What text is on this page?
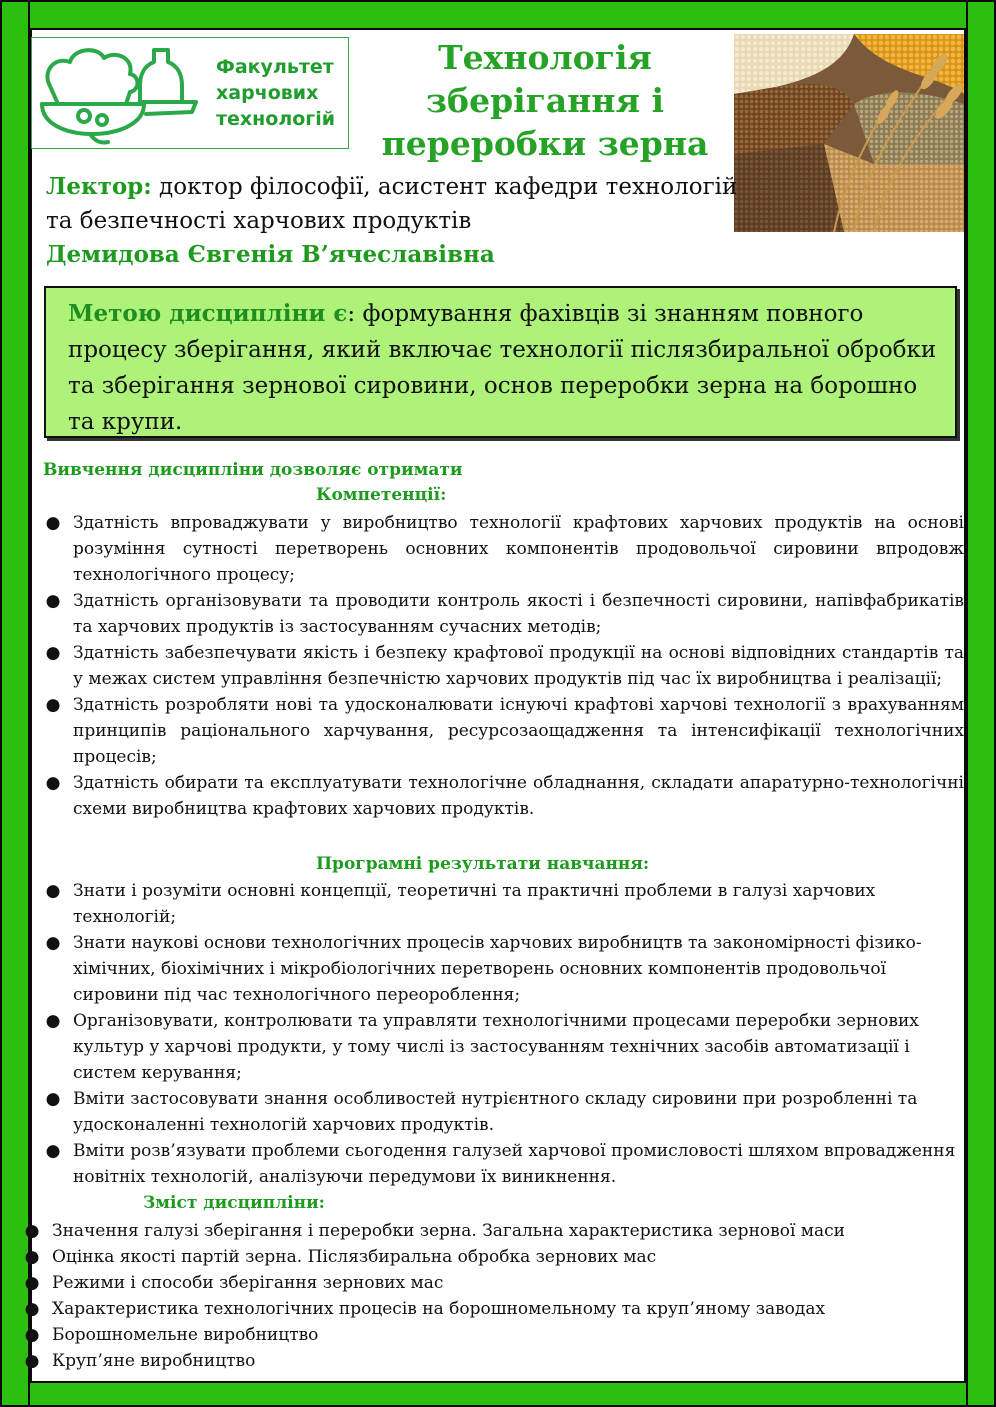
Факультет
харчових
технологій
Технологія
зберігання і
переробки зерна
Лектор: доктор філософії, асистент кафедри технологій та безпечності харчових продуктів
Демидова Євгенія В’ячеславівна
Метою дисципліни є: формування фахівців зі знанням повного процесу зберігання, який включає технології післязбиральної обробки та зберігання зернової сировини, основ переробки зерна на борошно та крупи.
Вивчення дисципліни дозволяє отримати
Компетенції:
● Здатність впроваджувати у виробництво технології крафтових харчових продуктів на основі розуміння сутності перетворень основних компонентів продовольчої сировини впродовж технологічного процесу;
● Здатність організовувати та проводити контроль якості і безпечності сировини, напівфабрикатів та харчових продуктів із застосуванням сучасних методів;
● Здатність забезпечувати якість і безпеку крафтової продукції на основі відповідних стандартів та у межах систем управління безпечністю харчових продуктів під час їх виробництва і реалізації;
● Здатність розробляти нові та удосконалювати існуючі крафтові харчові технології з врахуванням принципів раціонального харчування, ресурсозаощадження та інтенсифікації технологічних процесів;
● Здатність обирати та експлуатувати технологічне обладнання, складати апаратурно-технологічні схеми виробництва крафтових харчових продуктів.
Програмні результати навчання:
● Знати і розуміти основні концепції, теоретичні та практичні проблеми в галузі харчових технологій;
● Знати наукові основи технологічних процесів харчових виробництв та закономірності фізико-хімічних, біохімічних і мікробіологічних перетворень основних компонентів продовольчої сировини під час технологічного переороблення;
● Організовувати, контролювати та управляти технологічними процесами переробки зернових культур у харчові продукти, у тому числі із застосуванням технічних засобів автоматизації і систем керування;
● Вміти застосовувати знання особливостей нутрієнтного складу сировини при розробленні та удосконаленні технологій харчових продуктів.
● Вміти розв’язувати проблеми сьогодення галузей харчової промисловості шляхом впровадження новітніх технологій, аналізуючи передумови їх виникнення.
Зміст дисципліни:
● Значення галузі зберігання і переробки зерна. Загальна характеристика зернової маси
● Оцінка якості партій зерна. Післязбиральна обробка зернових мас
● Режими і способи зберігання зернових мас
● Характеристика технологічних процесів на борошномельному та круп’яному заводах
● Борошномельне виробництво
● Круп’яне виробництво
